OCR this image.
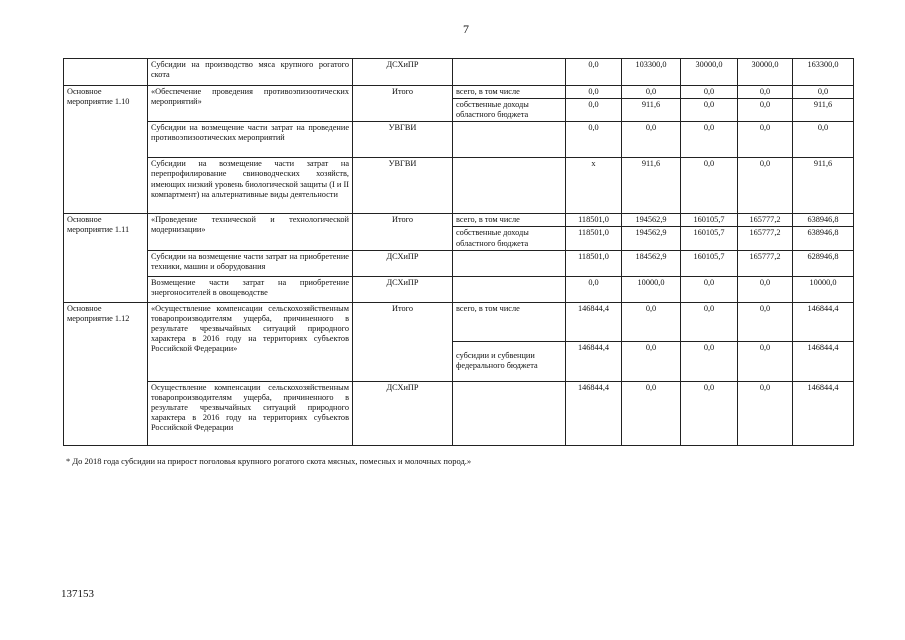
7
	Субсидии на производство мяса крупного рогатого скота	ДСХиПР		0,0	103300,0	30000,0	30000,0	163300,0
Основное мероприятие 1.10	«Обеспечение проведения противоэпизоотических мероприятий»	Итого	всего, в том числе	0,0	0,0	0,0	0,0	0,0
			собственные доходы областного бюджета	0,0	911,6	0,0	0,0	911,6
	Субсидии на возмещение части затрат на проведение противоэпизоотических мероприятий	УВГВИ		0,0	0,0	0,0	0,0	0,0
	Субсидии на возмещение части затрат на перепрофилирование свиноводческих хозяйств, имеющих низкий уровень биологической защиты (I и II компартмент) на альтернативные виды деятельности	УВГВИ		х	911,6	0,0	0,0	911,6
Основное мероприятие 1.11	«Проведение технической и технологической модернизации»	Итого	всего, в том числе	118501,0	194562,9	160105,7	165777,2	638946,8
			собственные доходы областного бюджета	118501,0	194562,9	160105,7	165777,2	638946,8
	Субсидии на возмещение части затрат на приобретение техники, машин и оборудования	ДСХиПР		118501,0	184562,9	160105,7	165777,2	628946,8
	Возмещение части затрат на приобретение энергоносителей в овощеводстве	ДСХиПР		0,0	10000,0	0,0	0,0	10000,0
Основное мероприятие 1.12	«Осуществление компенсации сельскохозяйственным товаропроизводителям ущерба, причиненного в результате чрезвычайных ситуаций природного характера в 2016 году на территориях субъектов Российской Федерации»	Итого	всего, в том числе	146844,4	0,0	0,0	0,0	146844,4
			субсидии и субвенции федерального бюджета	146844,4	0,0	0,0	0,0	146844,4
	Осуществление компенсации сельскохозяйственным товаропроизводителям ущерба, причиненного в результате чрезвычайных ситуаций природного характера в 2016 году на территориях субъектов Российской Федерации	ДСХиПР		146844,4	0,0	0,0	0,0	146844,4
* До 2018 года субсидии на прирост поголовья крупного рогатого скота мясных, помесных и молочных пород.»
137153
